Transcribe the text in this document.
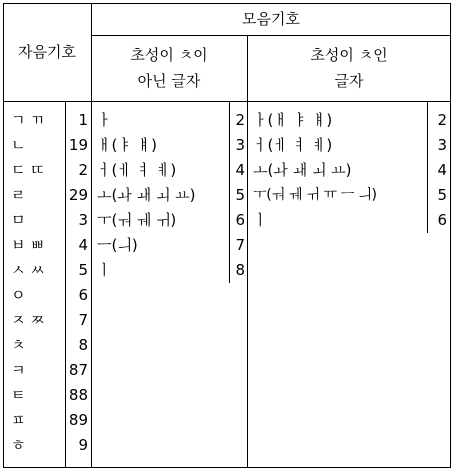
자음기호
모음기호
초성이 ㅊ이
아닌 글자
초성이 ㅊ인
글자
ㄱ ㄲ	1
ㄴ	19
ㄷ ㄸ	2
ㄹ	29
ㅁ	3
ㅂ ㅃ	4
ㅅ ㅆ	5
ㅇ	6
ㅈ ㅉ	7
ㅊ	8
ㅋ	87
ㅌ	88
ㅍ	89
ㅎ	9
ㅏ	2
ㅐ(ㅑ ㅒ)	3
ㅓ(ㅔ ㅕ ㅖ)	4
ㅗ(ㅘ ㅙ ㅚ ㅛ)	5
ㅜ(ㅝ ㅞ ㅟ)	6
ㅡ(ㅢ)	7
ㅣ	8
ㅏ(ㅐ ㅑ ㅒ)	2
ㅓ(ㅔ ㅕ ㅖ)	3
ㅗ(ㅘ ㅙ ㅚ ㅛ)	4
ㅜ(ㅝ ㅞ ㅟ ㅠ ㅡ ㅢ)	5
ㅣ	6
